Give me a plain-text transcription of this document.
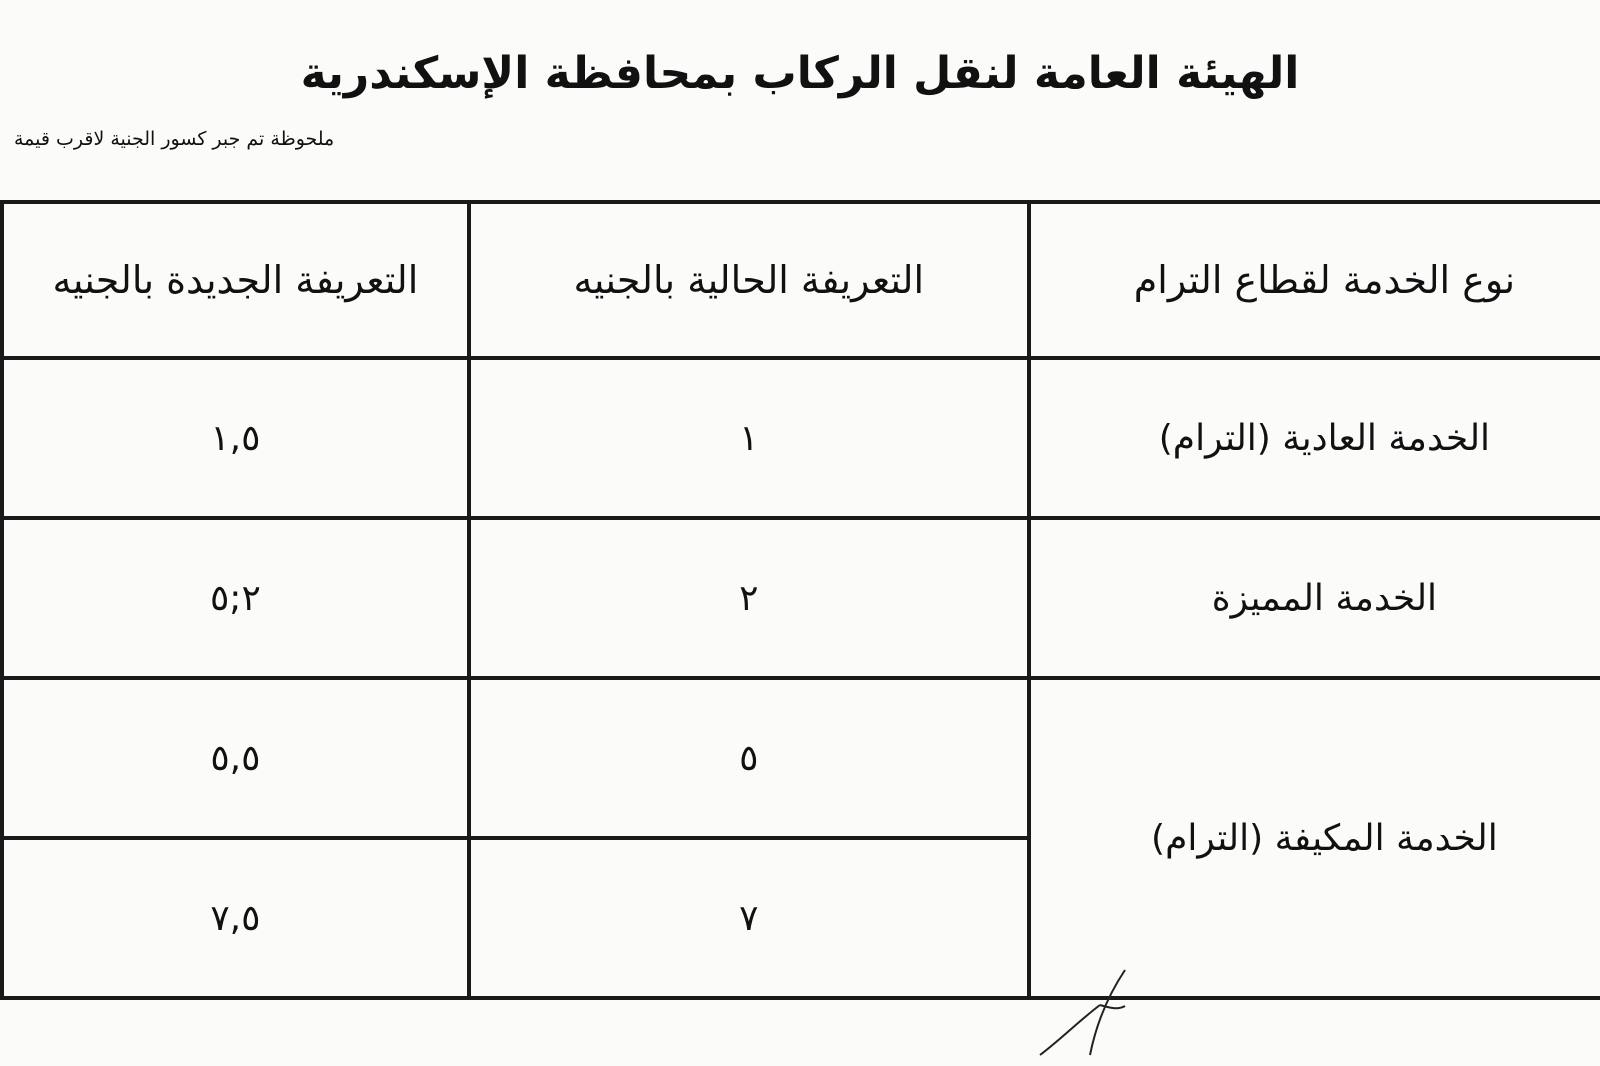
الهيئة العامة لنقل الركاب بمحافظة الإسكندرية
ملحوظة تم جبر كسور الجنية لاقرب قيمة
نوع الخدمة لقطاع الترام	التعريفة الحالية بالجنيه	التعريفة الجديدة بالجنيه
الخدمة العادية (الترام)	١	١,٥
الخدمة المميزة	٢	٢;٥
الخدمة المكيفة (الترام)	٥	٥,٥
	٧	٧,٥
